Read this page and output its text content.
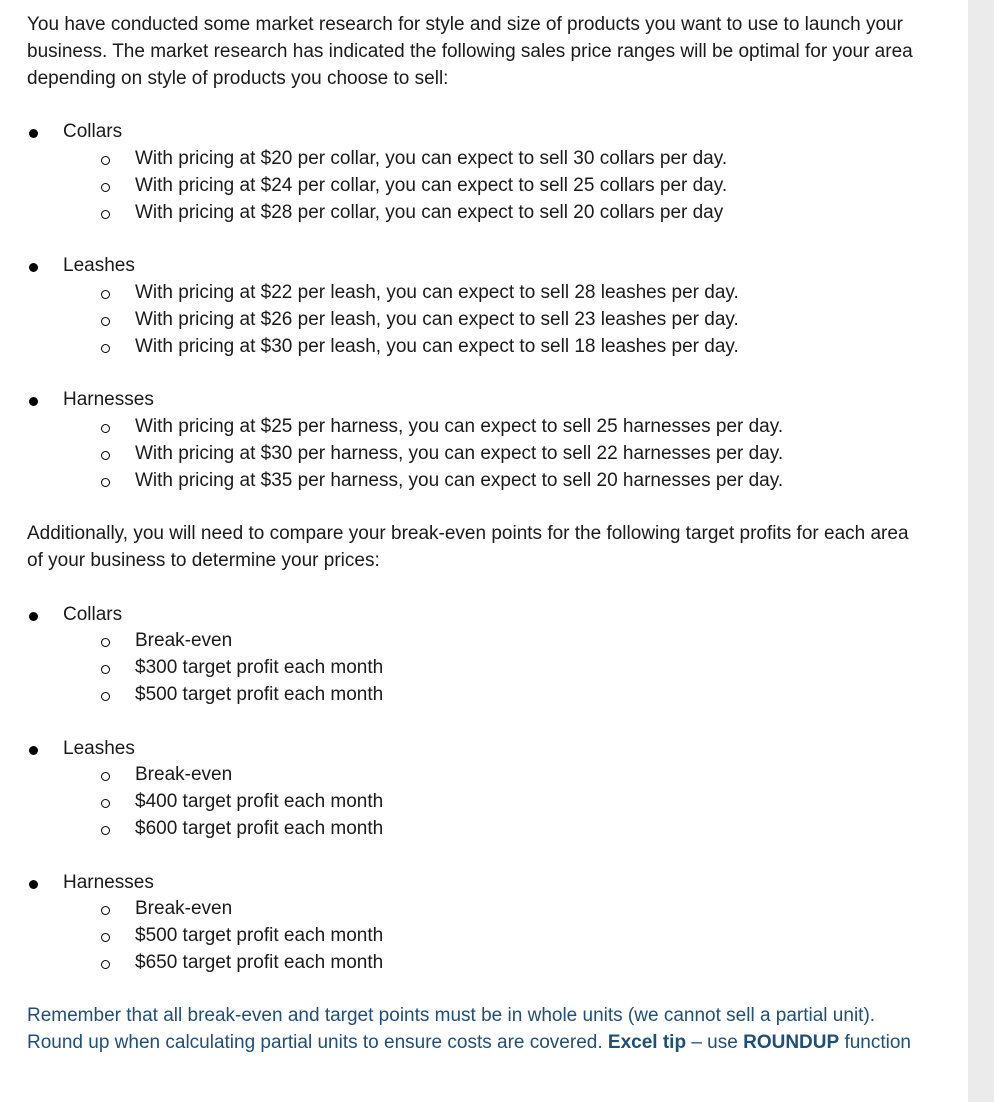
You have conducted some market research for style and size of products you want to use to launch your business. The market research has indicated the following sales price ranges will be optimal for your area depending on style of products you choose to sell:

Collars
With pricing at $20 per collar, you can expect to sell 30 collars per day.
With pricing at $24 per collar, you can expect to sell 25 collars per day.
With pricing at $28 per collar, you can expect to sell 20 collars per day
Leashes
With pricing at $22 per leash, you can expect to sell 28 leashes per day.
With pricing at $26 per leash, you can expect to sell 23 leashes per day.
With pricing at $30 per leash, you can expect to sell 18 leashes per day.
Harnesses
With pricing at $25 per harness, you can expect to sell 25 harnesses per day.
With pricing at $30 per harness, you can expect to sell 22 harnesses per day.
With pricing at $35 per harness, you can expect to sell 20 harnesses per day.

Additionally, you will need to compare your break-even points for the following target profits for each area of your business to determine your prices:

Collars
Break-even
$300 target profit each month
$500 target profit each month
Leashes
Break-even
$400 target profit each month
$600 target profit each month
Harnesses
Break-even
$500 target profit each month
$650 target profit each month

Remember that all break-even and target points must be in whole units (we cannot sell a partial unit). Round up when calculating partial units to ensure costs are covered. Excel tip – use ROUNDUP function
